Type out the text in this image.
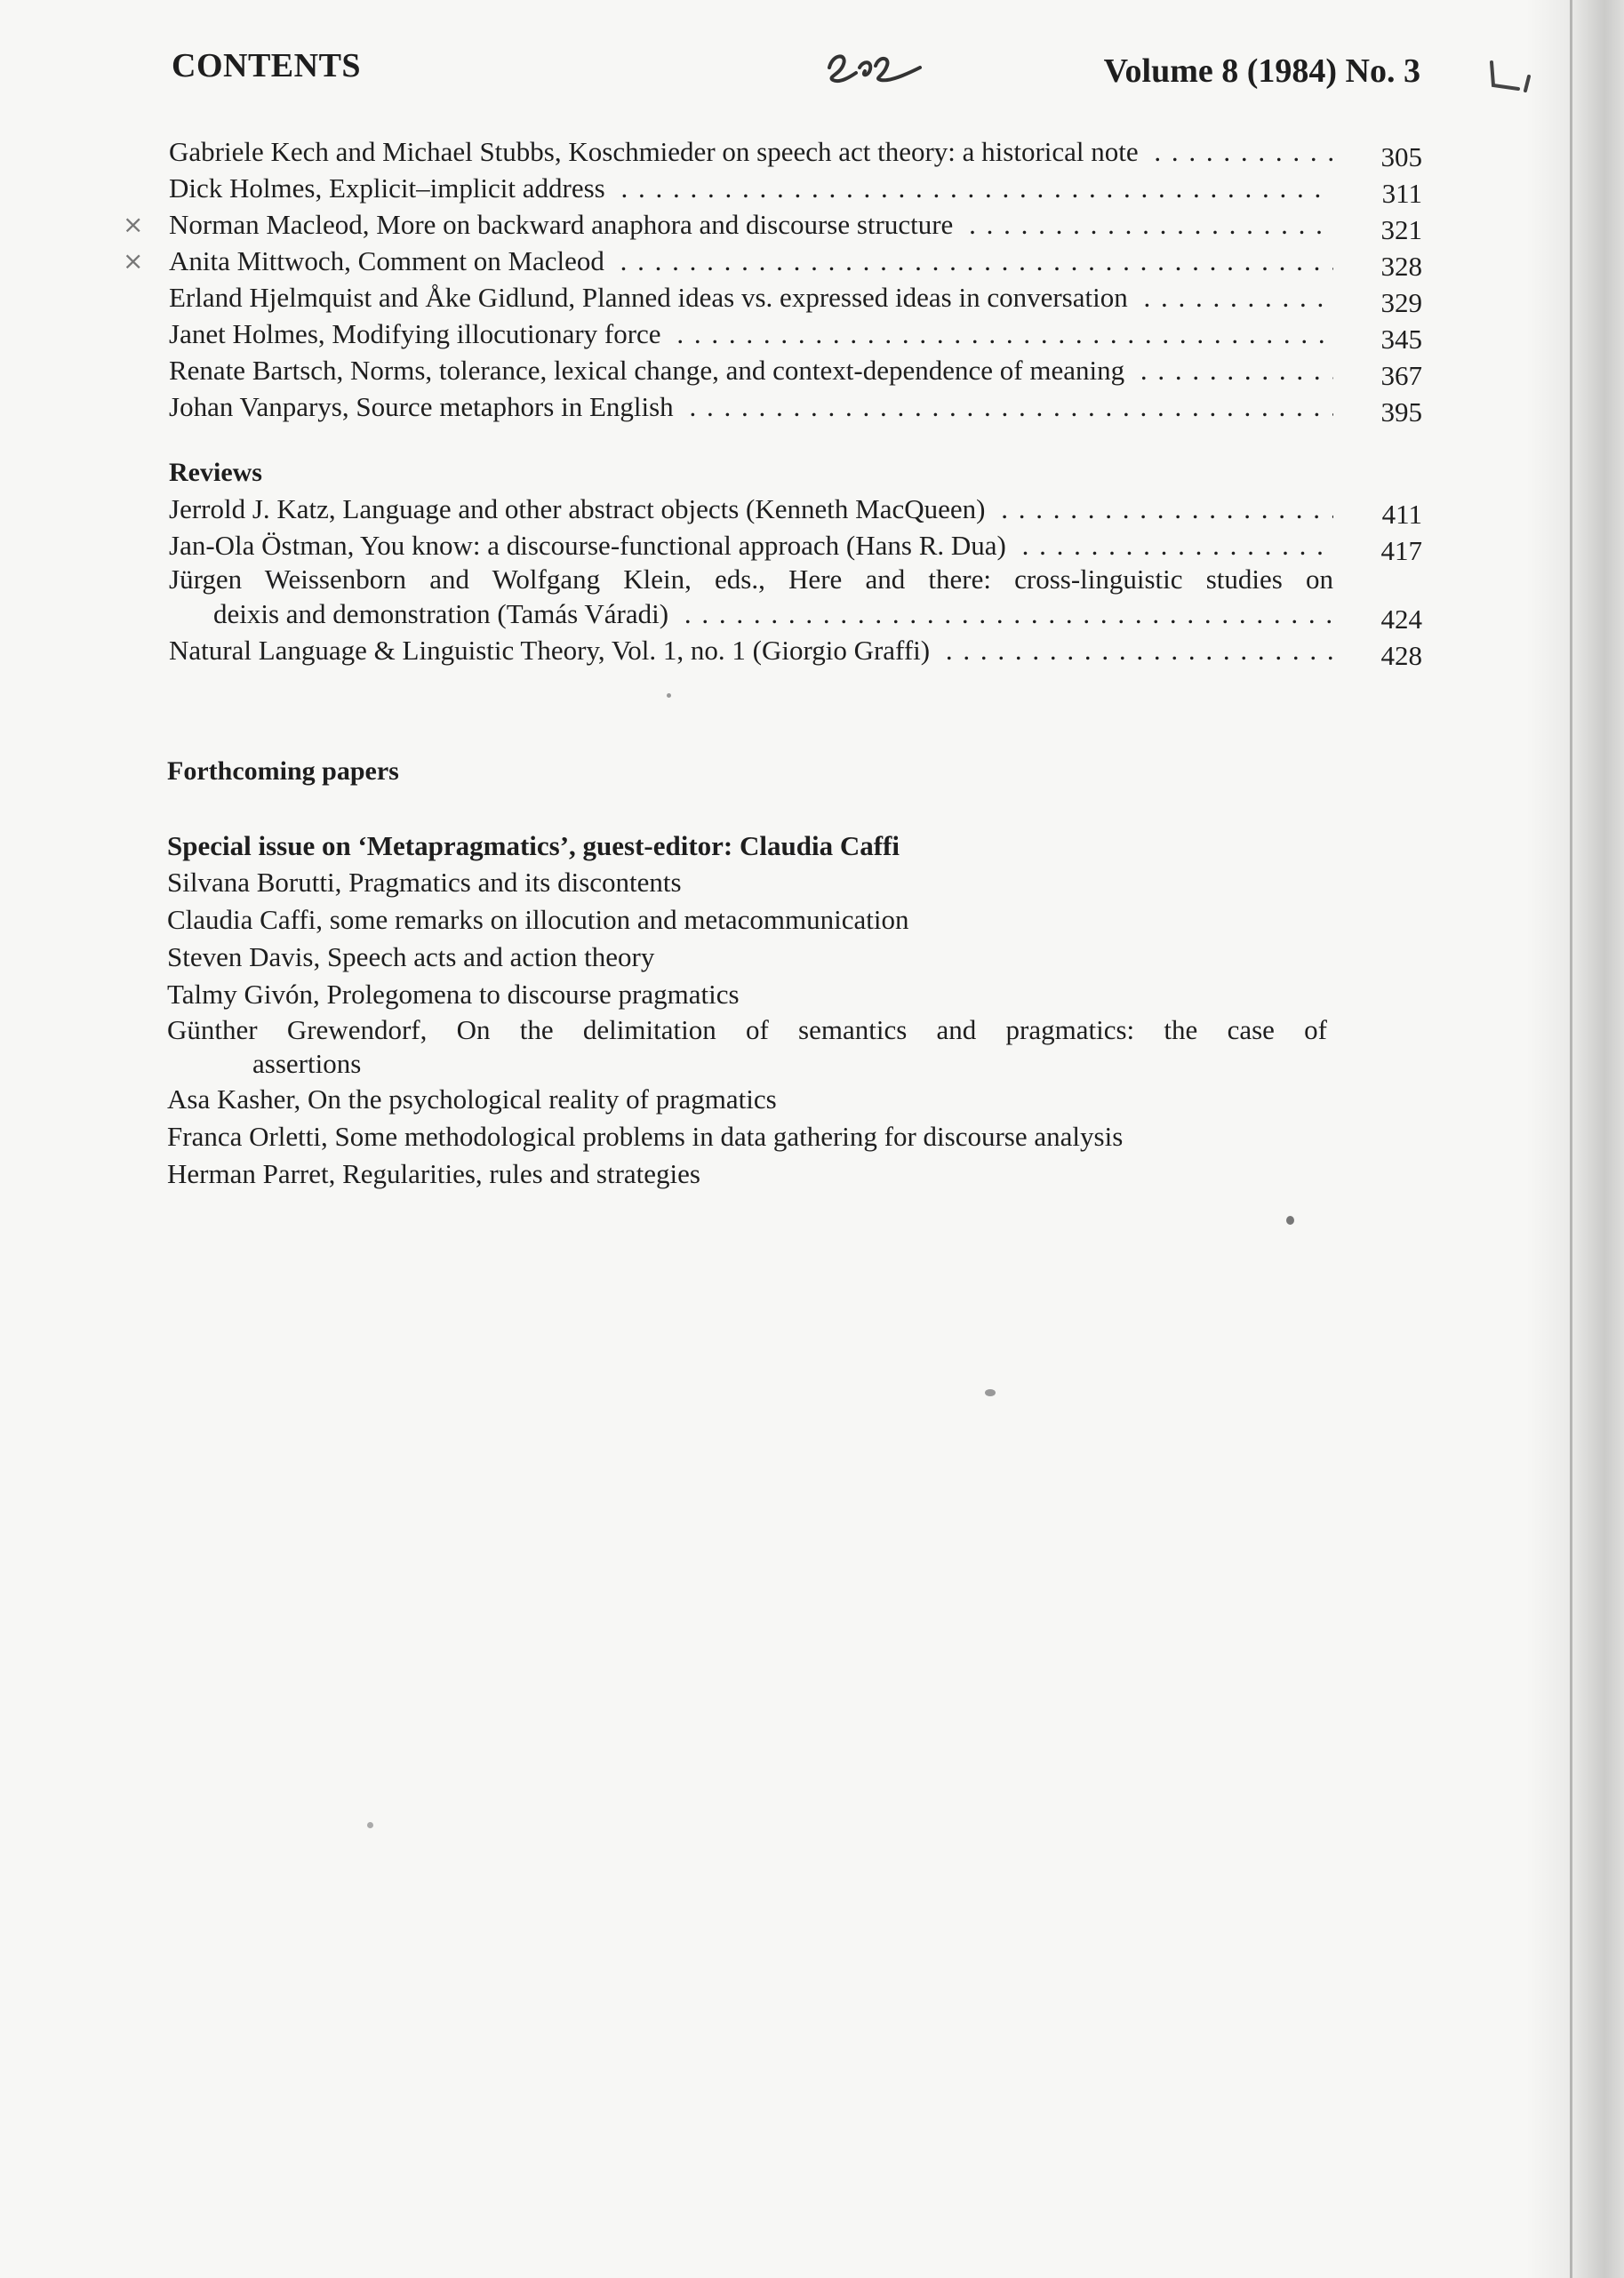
CONTENTS	Volume 8 (1984) No. 3
Gabriele Kech and Michael Stubbs, Koschmieder on speech act theory: a historical note . . .	305
Dick Holmes, Explicit–implicit address . . .	311
× Norman Macleod, More on backward anaphora and discourse structure . . .	321
× Anita Mittwoch, Comment on Macleod . . .	328
Erland Hjelmquist and Åke Gidlund, Planned ideas vs. expressed ideas in conversation . . .	329
Janet Holmes, Modifying illocutionary force . . .	345
Renate Bartsch, Norms, tolerance, lexical change, and context-dependence of meaning . . .	367
Johan Vanparys, Source metaphors in English . . .	395
Reviews
Jerrold J. Katz, Language and other abstract objects (Kenneth MacQueen) . . .	411
Jan-Ola Östman, You know: a discourse-functional approach (Hans R. Dua) . . .	417
Jürgen Weissenborn and Wolfgang Klein, eds., Here and there: cross-linguistic studies on
deixis and demonstration (Tamás Váradi) . . .	424
Natural Language & Linguistic Theory, Vol. 1, no. 1 (Giorgio Graffi) . . .	428
Forthcoming papers
Special issue on ‘Metapragmatics’, guest-editor: Claudia Caffi
Silvana Borutti, Pragmatics and its discontents
Claudia Caffi, some remarks on illocution and metacommunication
Steven Davis, Speech acts and action theory
Talmy Givón, Prolegomena to discourse pragmatics
Günther Grewendorf, On the delimitation of semantics and pragmatics: the case of
assertions
Asa Kasher, On the psychological reality of pragmatics
Franca Orletti, Some methodological problems in data gathering for discourse analysis
Herman Parret, Regularities, rules and strategies
